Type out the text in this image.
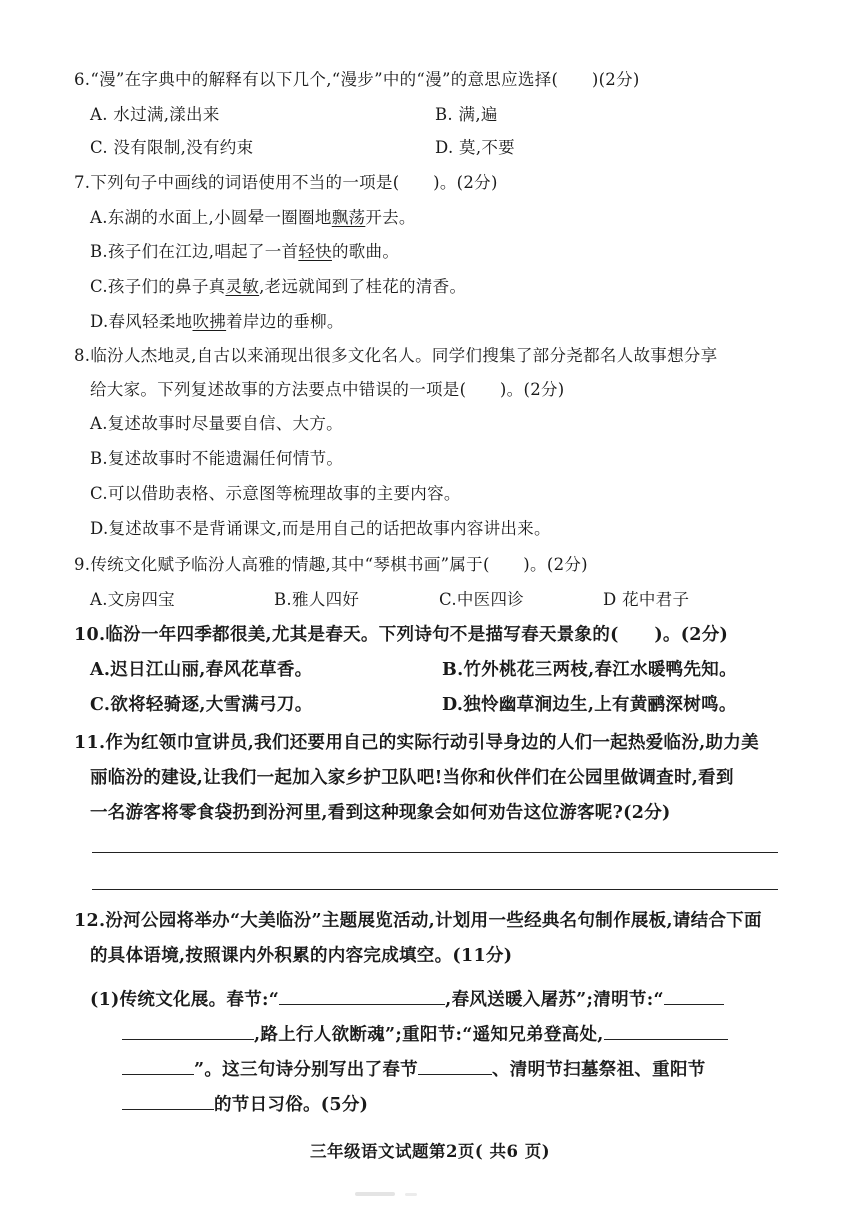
6.“漫”在字典中的解释有以下几个,“漫步”中的“漫”的意思应选择(　　)(2分)
A. 水过满,漾出来	B. 满,遍
C. 没有限制,没有约束	D. 莫,不要
7.下列句子中画线的词语使用不当的一项是(　　)。(2分)
A.东湖的水面上,小圆晕一圈圈地飘荡开去。
B.孩子们在江边,唱起了一首轻快的歌曲。
C.孩子们的鼻子真灵敏,老远就闻到了桂花的清香。
D.春风轻柔地吹拂着岸边的垂柳。
8.临汾人杰地灵,自古以来涌现出很多文化名人。同学们搜集了部分尧都名人故事想分享
给大家。下列复述故事的方法要点中错误的一项是(　　)。(2分)
A.复述故事时尽量要自信、大方。
B.复述故事时不能遗漏任何情节。
C.可以借助表格、示意图等梳理故事的主要内容。
D.复述故事不是背诵课文,而是用自己的话把故事内容讲出来。
9.传统文化赋予临汾人高雅的情趣,其中“琴棋书画”属于(　　)。(2分)
A.文房四宝	B.雅人四好	C.中医四诊	D 花中君子
10.临汾一年四季都很美,尤其是春天。下列诗句不是描写春天景象的(　　)。(2分)
A.迟日江山丽,春风花草香。	B.竹外桃花三两枝,春江水暖鸭先知。
C.欲将轻骑逐,大雪满弓刀。	D.独怜幽草涧边生,上有黄鹂深树鸣。
11.作为红领巾宣讲员,我们还要用自己的实际行动引导身边的人们一起热爱临汾,助力美
丽临汾的建设,让我们一起加入家乡护卫队吧!当你和伙伴们在公园里做调查时,看到
一名游客将零食袋扔到汾河里,看到这种现象会如何劝告这位游客呢?(2分)
12.汾河公园将举办“大美临汾”主题展览活动,计划用一些经典名句制作展板,请结合下面
的具体语境,按照课内外积累的内容完成填空。(11分)
(1)传统文化展。春节:“	,春风送暖入屠苏”;清明节:“
,路上行人欲断魂”;重阳节:“遥知兄弟登高处,
”。这三句诗分别写出了春节	、清明节扫墓祭祖、重阳节
的节日习俗。(5分)
三年级语文试题第2页( 共6 页)
